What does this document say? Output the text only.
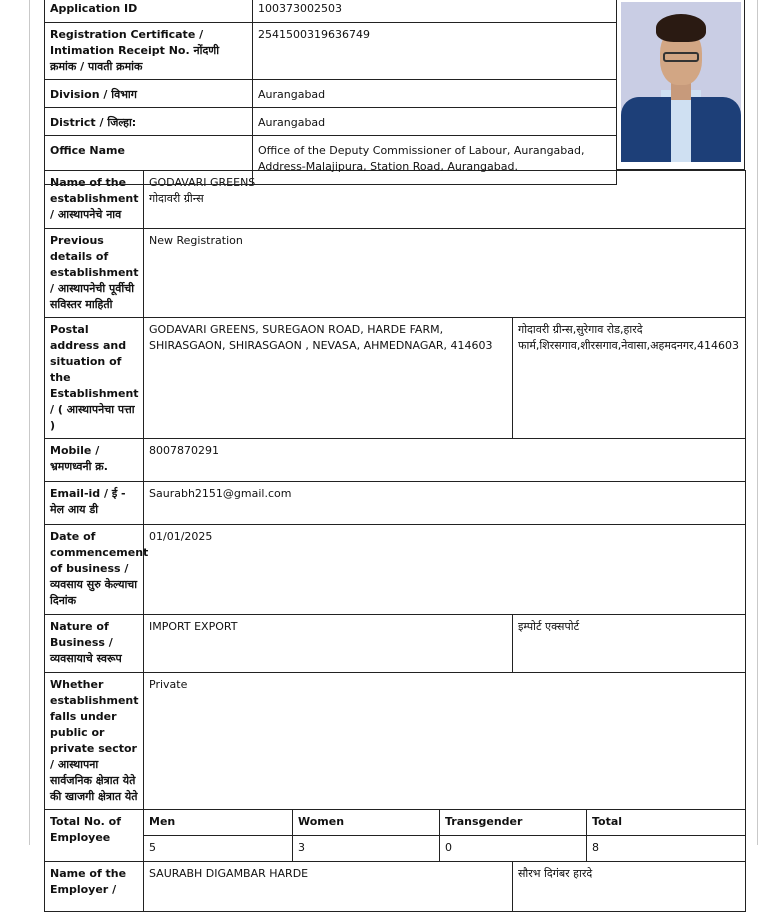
Application ID	100373002503
Registration Certificate / Intimation Receipt No. नोंदणी क्रमांक / पावती क्रमांक	2541500319636749
Division / विभाग	Aurangabad
District / जिल्हा:	Aurangabad
Office Name	Office of the Deputy Commissioner of Labour, Aurangabad, Address-Malajipura, Station Road, Aurangabad.
Name of the establishment / आस्थापनेचे नाव	GODAVARI GREENS
गोदावरी ग्रीन्स				

Previous details of establishment / आस्थापनेची पूर्वीची सविस्तर माहिती	New Registration				
Postal address and situation of the Establishment / ( आस्थापनेचा पत्ता )	GODAVARI GREENS, SUREGAON ROAD, HARDE FARM, SHIRASGAON, SHIRASGAON , NEVASA, AHMEDNAGAR, 414603			गोदावरी ग्रीन्स,सुरेगाव रोड,हारदे फार्म,शिरसगाव,शीरसगाव,नेवासा,अहमदनगर,414603	
Mobile / भ्रमणध्वनी क्र.	8007870291				
Email-id / ई - मेल आय डी	Saurabh2151@gmail.com				
Date of commencement of business / व्यवसाय सुरु केल्याचा दिनांक	01/01/2025				
Nature of Business / व्यवसायाचे स्वरूप	IMPORT EXPORT			इम्पोर्ट एक्सपोर्ट	
Whether establishment falls under public or private sector / आस्थापना सार्वजनिक क्षेत्रात येते की खाजगी क्षेत्रात येते	Private				
Total No. of Employee	Men	Women	Transgender		Total
	5	3	0		8
Name of the Employer /	SAURABH DIGAMBAR HARDE			सौरभ दिगंबर हारदे	
